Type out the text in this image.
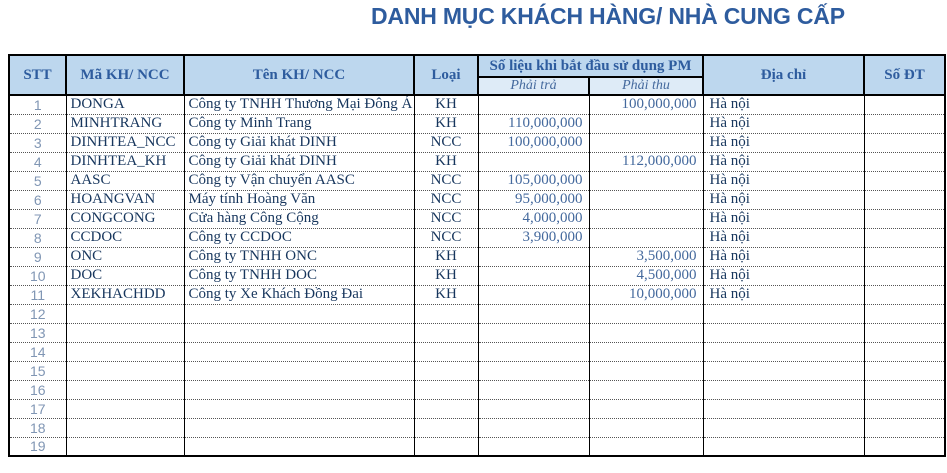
DANH MỤC KHÁCH HÀNG/ NHÀ CUNG CẤP
STT	Mã KH/ NCC	Tên KH/ NCC	Loại	Số liệu khi bắt đầu sử dụng PM		Địa chỉ	Số ĐT
				Phải trả	Phải thu		
1	DONGA	Công ty TNHH Thương Mại Đông Á	KH		100,000,000	Hà nội	
2	MINHTRANG	Công ty Minh Trang	KH	110,000,000		Hà nội	
3	DINHTEA_NCC	Công ty Giải khát DINH	NCC	100,000,000		Hà nội	
4	DINHTEA_KH	Công ty Giải khát DINH	KH		112,000,000	Hà nội	
5	AASC	Công ty Vận chuyển AASC	NCC	105,000,000		Hà nội	
6	HOANGVAN	Máy tính Hoàng Văn	NCC	95,000,000		Hà nội	
7	CONGCONG	Cửa hàng Công Cộng	NCC	4,000,000		Hà nội	
8	CCDOC	Công ty CCDOC	NCC	3,900,000		Hà nội	
9	ONC	Công ty TNHH ONC	KH		3,500,000	Hà nội	
10	DOC	Công ty TNHH DOC	KH		4,500,000	Hà nội	
11	XEKHACHDD	Công ty Xe Khách Đồng Đai	KH		10,000,000	Hà nội	
12							
13							
14							
15							
16							
17							
18							
19							
